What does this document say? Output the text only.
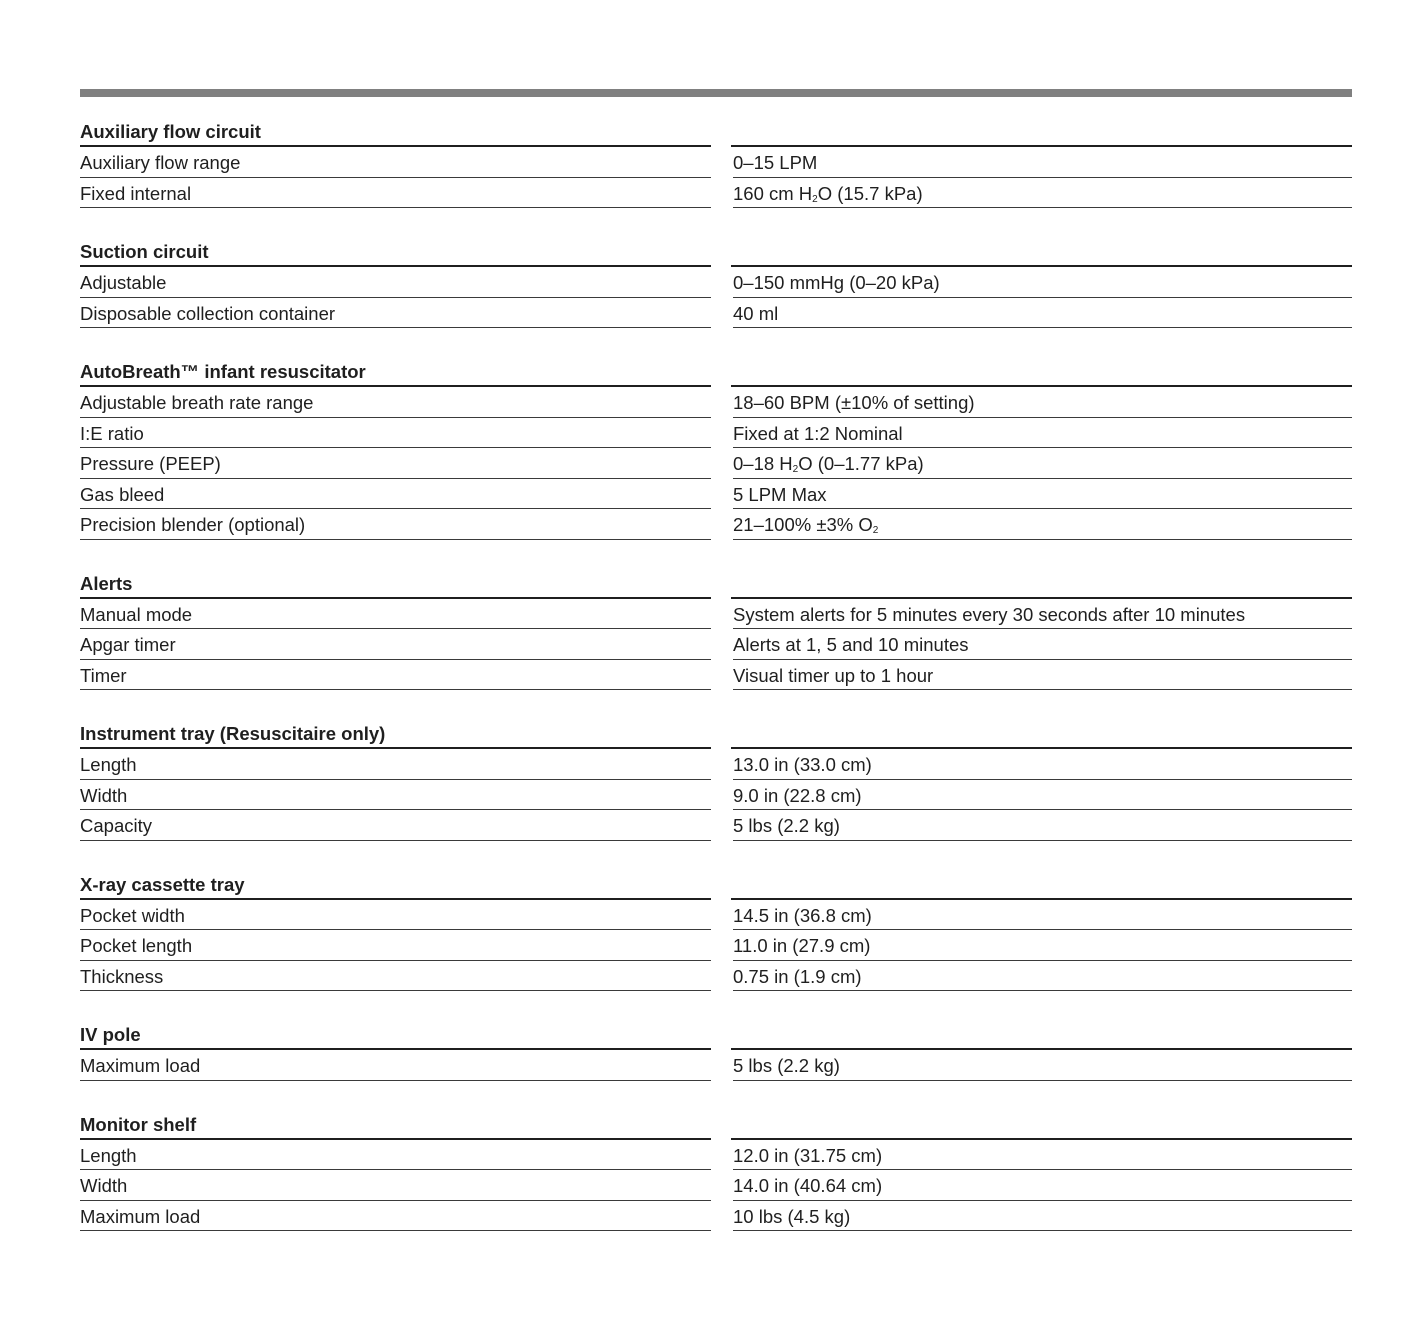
Auxiliary flow circuit
Auxiliary flow range	0–15 LPM
Fixed internal	160 cm $H_2O$ (15.7 kPa)
Suction circuit
Adjustable	0–150 mmHg (0–20 kPa)
Disposable collection container	40 ml
AutoBreath™ infant resuscitator
Adjustable breath rate range	18–60 BPM (±10% of setting)
I:E ratio	Fixed at 1:2 Nominal
Pressure (PEEP)	0–18 $H_2O$ (0–1.77 kPa)
Gas bleed	5 LPM Max
Precision blender (optional)	21–100% ±3% $O_2$
Alerts
Manual mode	System alerts for 5 minutes every 30 seconds after 10 minutes
Apgar timer	Alerts at 1, 5 and 10 minutes
Timer	Visual timer up to 1 hour
Instrument tray (Resuscitaire only)
Length	13.0 in (33.0 cm)
Width	9.0 in (22.8 cm)
Capacity	5 lbs (2.2 kg)
X-ray cassette tray
Pocket width	14.5 in (36.8 cm)
Pocket length	11.0 in (27.9 cm)
Thickness	0.75 in (1.9 cm)
IV pole
Maximum load	5 lbs (2.2 kg)
Monitor shelf
Length	12.0 in (31.75 cm)
Width	14.0 in (40.64 cm)
Maximum load	10 lbs (4.5 kg)
